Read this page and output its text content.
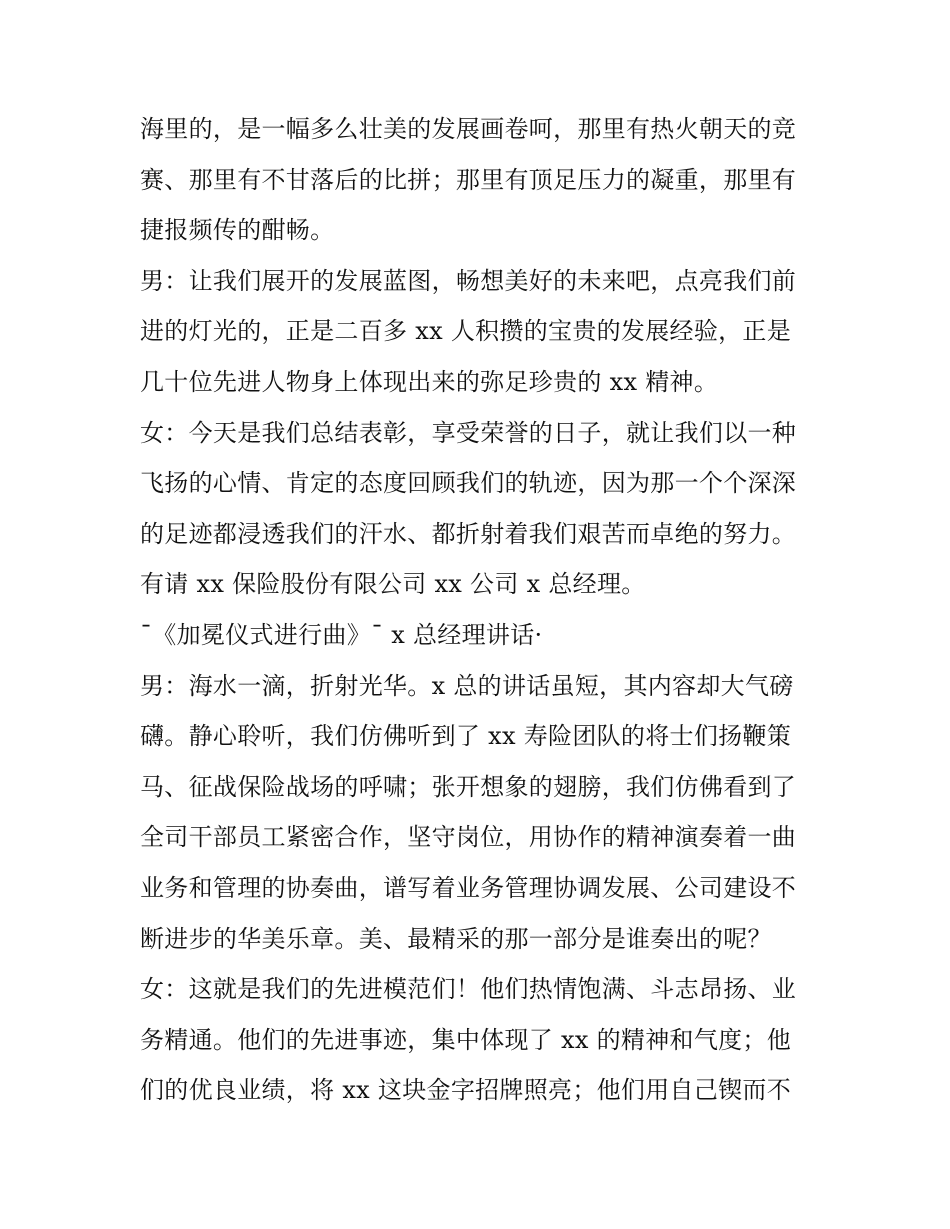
海里的，是一幅多么壮美的发展画卷呵，那里有热火朝天的竞
赛、那里有不甘落后的比拼；那里有顶足压力的凝重，那里有
捷报频传的酣畅。
男：让我们展开的发展蓝图，畅想美好的未来吧，点亮我们前
进的灯光的，正是二百多 xx 人积攒的宝贵的发展经验，正是
几十位先进人物身上体现出来的弥足珍贵的 xx 精神。
女：今天是我们总结表彰，享受荣誉的日子，就让我们以一种
飞扬的心情、肯定的态度回顾我们的轨迹，因为那一个个深深
的足迹都浸透我们的汗水、都折射着我们艰苦而卓绝的努力。
有请 xx 保险股份有限公司 xx 公司 x 总经理。
¯《加冕仪式进行曲》¯ x 总经理讲话·
男：海水一滴，折射光华。x 总的讲话虽短，其内容却大气磅
礴。静心聆听，我们仿佛听到了 xx 寿险团队的将士们扬鞭策
马、征战保险战场的呼啸；张开想象的翅膀，我们仿佛看到了
全司干部员工紧密合作，坚守岗位，用协作的精神演奏着一曲
业务和管理的协奏曲，谱写着业务管理协调发展、公司建设不
断进步的华美乐章。美、最精采的那一部分是谁奏出的呢？
女：这就是我们的先进模范们！他们热情饱满、斗志昂扬、业
务精通。他们的先进事迹，集中体现了 xx 的精神和气度；他
们的优良业绩，将 xx 这块金字招牌照亮；他们用自己锲而不
